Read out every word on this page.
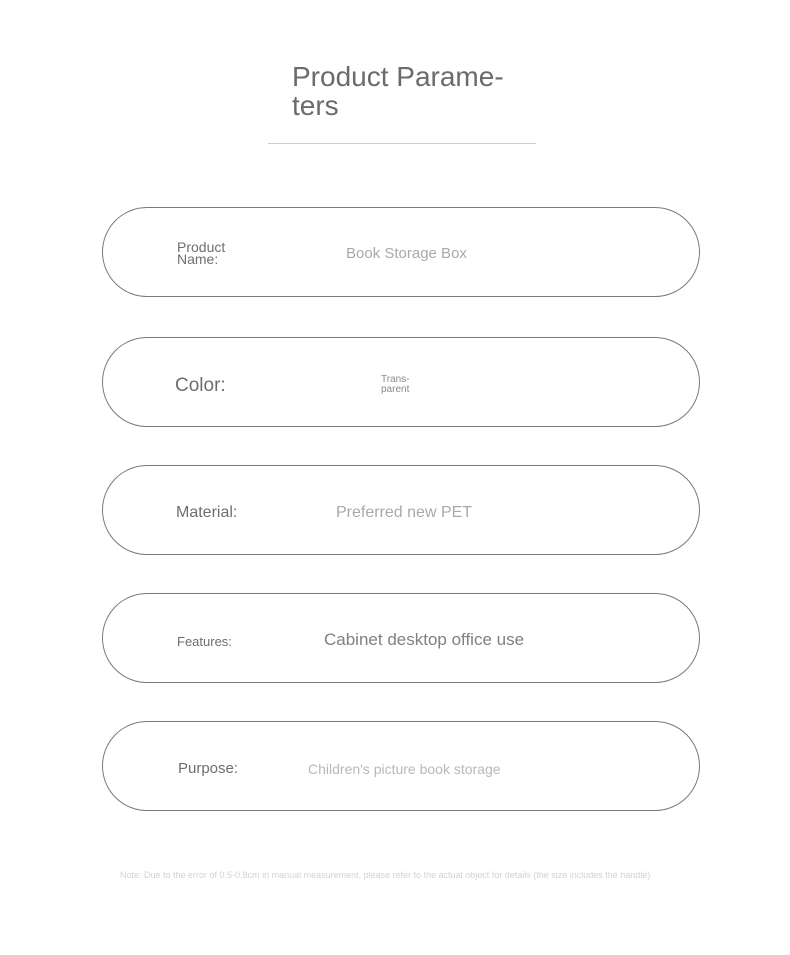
Product Parame-
ters
Product Name:	Book Storage Box
Color:	Trans-
parent
Material:	Preferred new PET
Features:	Cabinet desktop office use
Purpose:	Children's picture book storage
Note: Due to the error of 0.5-0.8cm in manual measurement, please refer to the actual object for details (the size includes the handle)
